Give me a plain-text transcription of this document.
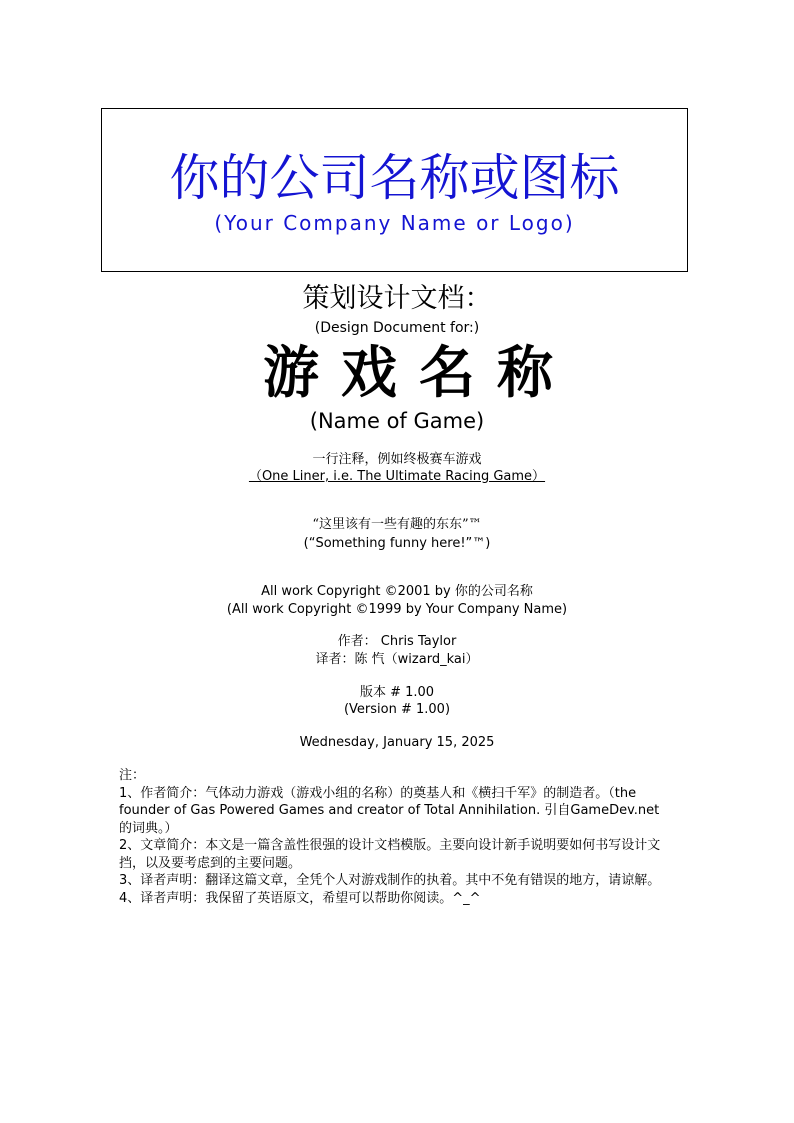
你的公司名称或图标
(Your Company Name or Logo)
策划设计文档：
(Design Document for:)
游戏名称
(Name of Game)
一行注释，例如终极赛车游戏
（One Liner, i.e. The Ultimate Racing Game）
“这里该有一些有趣的东东”™
(“Something funny here!”™)
All work Copyright ©2001 by 你的公司名称
(All work Copyright ©1999 by Your Company Name)
作者： Chris Taylor
译者：陈 忾（wizard_kai）
版本 # 1.00
(Version # 1.00)
Wednesday, January 15, 2025

注：

1、作者简介：气体动力游戏（游戏小组的名称）的奠基人和《横扫千军》的制造者。（the founder of Gas Powered Games and creator of Total Annihilation. 引自GameDev.net 的词典。）

2、文章简介：本文是一篇含盖性很强的设计文档模版。主要向设计新手说明要如何书写设计文挡，以及要考虑到的主要问题。

3、译者声明：翻译这篇文章，全凭个人对游戏制作的执着。其中不免有错误的地方，请谅解。

4、译者声明：我保留了英语原文，希望可以帮助你阅读。^_^
